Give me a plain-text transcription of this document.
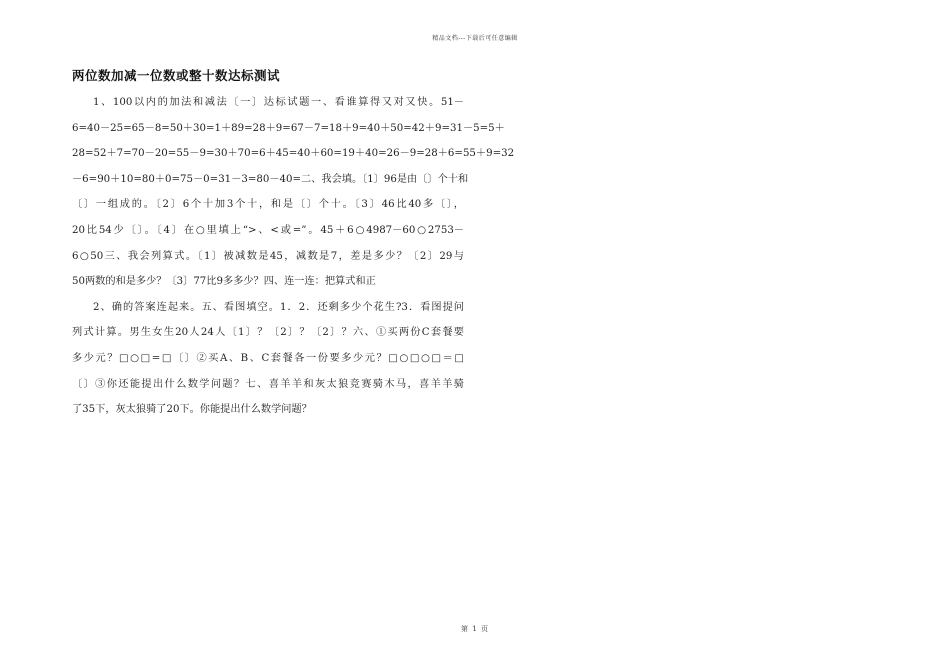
精品文档---下载后可任意编辑
两位数加减一位数或整十数达标测试
1、100以内的加法和减法〔一〕达标试题一、看谁算得又对又快。51－
6=40－25=65－8=50＋30=1＋89=28＋9=67－7=18＋9=40＋50=42＋9=31－5=5＋
28=52＋7=70－20=55－9=30＋70=6＋45=40＋60=19＋40=26－9=28＋6=55＋9=32
－6=90＋10=80＋0=75－0=31－3=80－40=二、我会填。〔1〕96是由〔〕个十和
〔〕一组成的。〔2〕6个十加3个十，和是〔〕个十。〔3〕46比40多〔〕，
20比54少〔〕。〔4〕在○里填上“>、<或=”。45＋6○4987－60○2753－
6○50三、我会列算式。〔1〕被减数是45，减数是7，差是多少？〔2〕29与
50两数的和是多少？〔3〕77比9多多少？四、连一连：把算式和正
2、确的答案连起来。五、看图填空。1．2．还剩多少个花生?3．看图提问
列式计算。男生女生20人24人〔1〕？〔2〕？〔2〕？六、①买两份C套餐要
多少元？□○□=□〔〕②买A、B、C套餐各一份要多少元？□○□○□＝□
〔〕③你还能提出什么数学问题？七、喜羊羊和灰太狼竞赛骑木马，喜羊羊骑
了35下，灰太狼骑了20下。你能提出什么数学问题？
第 1 页
